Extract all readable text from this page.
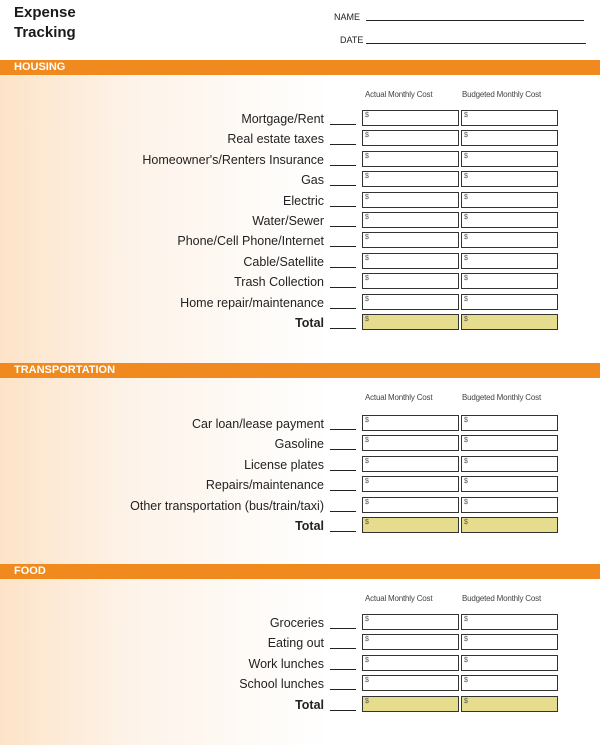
Expense
Tracking
NAME
DATE
HOUSING
Actual Monthly Cost	Budgeted Monthly Cost
Mortgage/Rent	$	$
Real estate taxes	$	$
Homeowner's/Renters Insurance	$	$
Gas	$	$
Electric	$	$
Water/Sewer	$	$
Phone/Cell Phone/Internet	$	$
Cable/Satellite	$	$
Trash Collection	$	$
Home repair/maintenance	$	$
Total	$	$
TRANSPORTATION
Actual Monthly Cost	Budgeted Monthly Cost
Car loan/lease payment	$	$
Gasoline	$	$
License plates	$	$
Repairs/maintenance	$	$
Other transportation (bus/train/taxi)	$	$
Total	$	$
FOOD
Actual Monthly Cost	Budgeted Monthly Cost
Groceries	$	$
Eating out	$	$
Work lunches	$	$
School lunches	$	$
Total	$	$
